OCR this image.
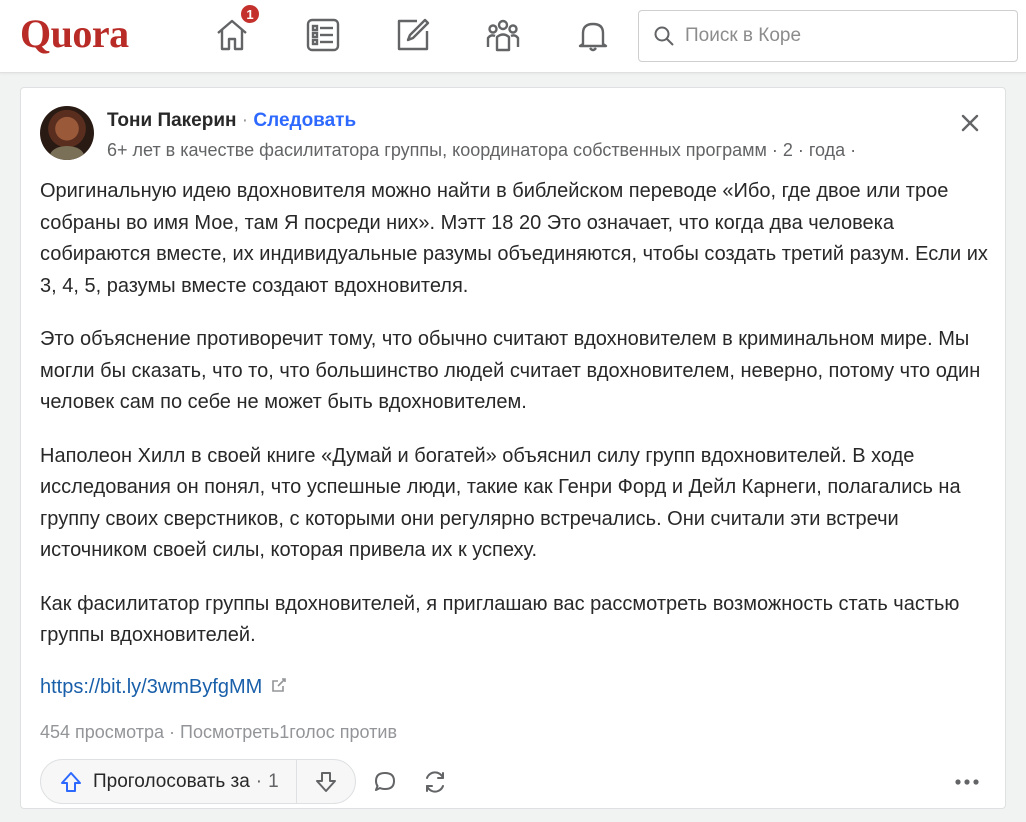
Quora	1
Поиск в Коре
Тони Пакерин · Следовать
6+ лет в качестве фасилитатора группы, координатора собственных программ · 2 · года ·

Оригинальную идею вдохновителя можно найти в библейском переводе «Ибо, где двое или трое собраны во имя Мое, там Я посреди них». Мэтт 18 20 Это означает, что когда два человека собираются вместе, их индивидуальные разумы объединяются, чтобы создать третий разум. Если их 3, 4, 5, разумы вместе создают вдохновителя.

Это объяснение противоречит тому, что обычно считают вдохновителем в криминальном мире. Мы могли бы сказать, что то, что большинство людей считает вдохновителем, неверно, потому что один человек сам по себе не может быть вдохновителем.

Наполеон Хилл в своей книге «Думай и богатей» объяснил силу групп вдохновителей. В ходе исследования он понял, что успешные люди, такие как Генри Форд и Дейл Карнеги, полагались на группу своих сверстников, с которыми они регулярно встречались. Они считали эти встречи источником своей силы, которая привела их к успеху.

Как фасилитатор группы вдохновителей, я приглашаю вас рассмотреть возможность стать частью группы вдохновителей.

https://bit.ly/3wmByfgMM
454 просмотра · Посмотреть1голос против
Проголосовать за · 1
